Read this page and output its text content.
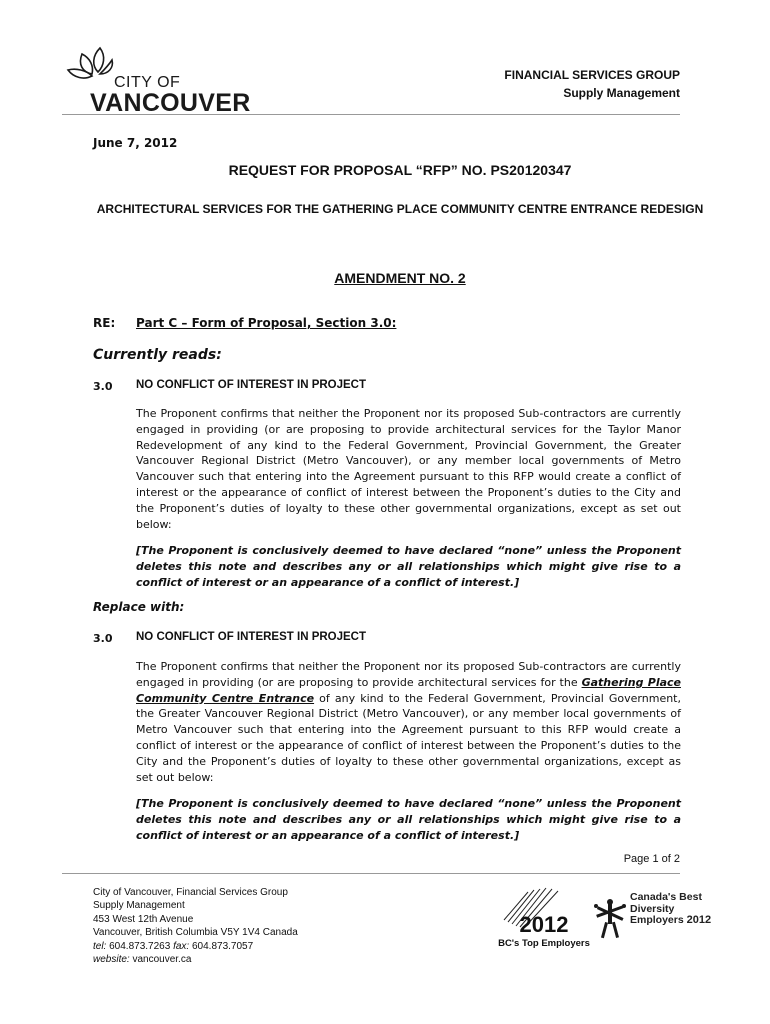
CITY OF
VANCOUVER
FINANCIAL SERVICES GROUP
Supply Management
June 7, 2012
REQUEST FOR PROPOSAL “RFP” NO. PS20120347
ARCHITECTURAL SERVICES FOR THE GATHERING PLACE COMMUNITY CENTRE ENTRANCE REDESIGN
AMENDMENT NO. 2
RE: Part C – Form of Proposal, Section 3.0:
Currently reads:
3.0 NO CONFLICT OF INTEREST IN PROJECT
The Proponent confirms that neither the Proponent nor its proposed Sub-contractors are currently engaged in providing (or are proposing to provide architectural services for the Taylor Manor Redevelopment of any kind to the Federal Government, Provincial Government, the Greater Vancouver Regional District (Metro Vancouver), or any member local governments of Metro Vancouver such that entering into the Agreement pursuant to this RFP would create a conflict of interest or the appearance of conflict of interest between the Proponent’s duties to the City and the Proponent’s duties of loyalty to these other governmental organizations, except as set out below:
[The Proponent is conclusively deemed to have declared “none” unless the Proponent deletes this note and describes any or all relationships which might give rise to a conflict of interest or an appearance of a conflict of interest.]
Replace with:
3.0 NO CONFLICT OF INTEREST IN PROJECT
The Proponent confirms that neither the Proponent nor its proposed Sub-contractors are currently engaged in providing (or are proposing to provide architectural services for the Gathering Place Community Centre Entrance of any kind to the Federal Government, Provincial Government, the Greater Vancouver Regional District (Metro Vancouver), or any member local governments of Metro Vancouver such that entering into the Agreement pursuant to this RFP would create a conflict of interest or the appearance of conflict of interest between the Proponent’s duties to the City and the Proponent’s duties of loyalty to these other governmental organizations, except as set out below:
[The Proponent is conclusively deemed to have declared “none” unless the Proponent deletes this note and describes any or all relationships which might give rise to a conflict of interest or an appearance of a conflict of interest.]
Page 1 of 2
City of Vancouver, Financial Services Group
Supply Management
453 West 12th Avenue
Vancouver, British Columbia V5Y 1V4 Canada
tel: 604.873.7263 fax: 604.873.7057
website: vancouver.ca
2012
BC's Top Employers
Canada's Best
Diversity
Employers 2012
